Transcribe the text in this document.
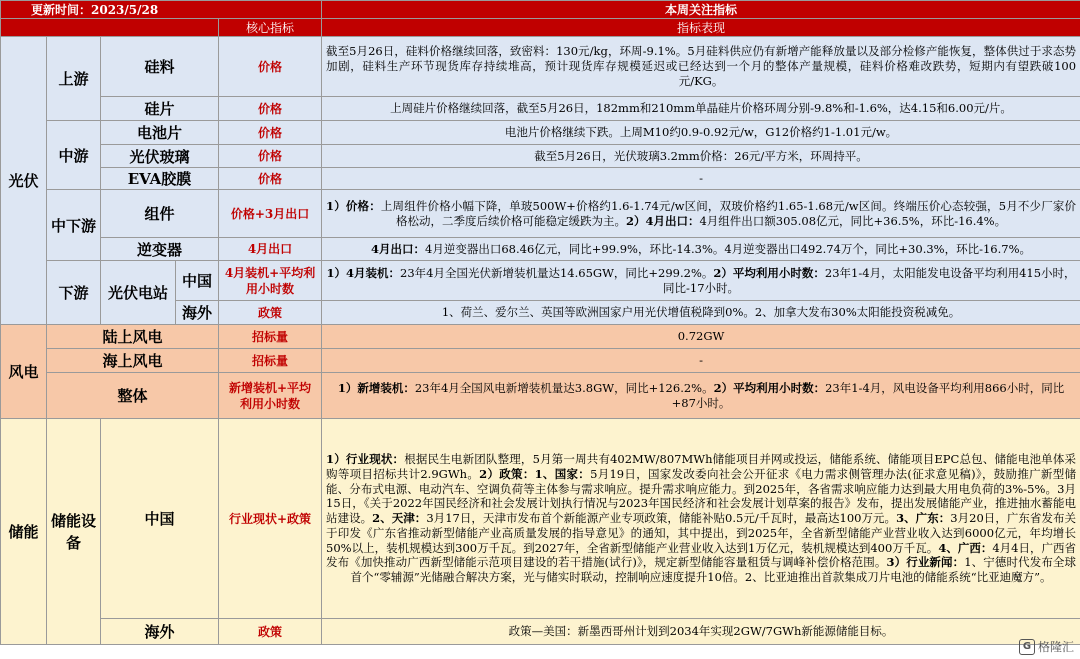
更新时间：2023/5/28					本周关注指标
				核心指标	指标表现
光伏	上游	硅料		价格	截至5月26日，硅料价格继续回落，致密料：130元/kg，环周-9.1%。5月硅料供应仍有新增产能释放量以及部分检修产能恢复，整体供过于求态势加剧，硅料生产环节现货库存持续堆高，预计现货库存规模延迟或已经达到一个月的整体产量规模，硅料价格难改跌势，短期内有望跌破100元/KG。
		硅片		价格	上周硅片价格继续回落，截至5月26日，182mm和210mm单晶硅片价格环周分别-9.8%和-1.6%，达4.15和6.00元/片。
	中游	电池片		价格	电池片价格继续下跌。上周M10约0.9-0.92元/w，G12价格约1-1.01元/w。
		光伏玻璃		价格	截至5月26日，光伏玻璃3.2mm价格：26元/平方米，环周持平。
		EVA胶膜		价格	-
	中下游	组件		价格+3月出口	1）价格：上周组件价格小幅下降，单玻500W+价格约1.6-1.74元/w区间，双玻价格约1.65-1.68元/w区间。终端压价心态较强，5月不少厂家价格松动，二季度后续价格可能稳定缓跌为主。2）4月出口：4月组件出口额305.08亿元，同比+36.5%，环比-16.4%。
		逆变器		4月出口	4月出口：4月逆变器出口68.46亿元，同比+99.9%，环比-14.3%。4月逆变器出口492.74万个，同比+30.3%，环比-16.7%。
	下游	光伏电站	中国	4月装机+平均利用小时数	1）4月装机：23年4月全国光伏新增装机量达14.65GW，同比+299.2%。2）平均利用小时数：23年1-4月，太阳能发电设备平均利用415小时，同比-17小时。
			海外	政策	1、荷兰、爱尔兰、英国等欧洲国家户用光伏增值税降到0%。2、加拿大发布30%太阳能投资税减免。
风电	陆上风电			招标量	0.72GW
	海上风电			招标量	-
	整体			新增装机+平均利用小时数	1）新增装机：23年4月全国风电新增装机量达3.8GW，同比+126.2%。2）平均利用小时数：23年1-4月，风电设备平均利用866小时，同比+87小时。
储能	储能设备	中国		行业现状+政策	1）行业现状：根据民生电新团队整理，5月第一周共有402MW/807MWh储能项目并网或投运，储能系统、储能项目EPC总包、储能电池单体采购等项目招标共计2.9GWh。2）政策：1、国家：5月19日，国家发改委向社会公开征求《电力需求侧管理办法(征求意见稿)》，鼓励推广新型储能、分布式电源、电动汽车、空调负荷等主体参与需求响应。提升需求响应能力。到2025年，各省需求响应能力达到最大用电负荷的3%-5%。3月15日，《关于2022年国民经济和社会发展计划执行情况与2023年国民经济和社会发展计划草案的报告》发布，提出发展储能产业，推进抽水蓄能电站建设。2、天津：3月17日，天津市发布首个新能源产业专项政策，储能补贴0.5元/千瓦时，最高达100万元。3、广东：3月20日，广东省发布关于印发《广东省推动新型储能产业高质量发展的指导意见》的通知，其中提出，到2025年，全省新型储能产业营业收入达到6000亿元，年均增长50%以上，装机规模达到300万千瓦。到2027年，全省新型储能产业营业收入达到1万亿元，装机规模达到400万千瓦。4、广西：4月4日，广西省发布《加快推动广西新型储能示范项目建设的若干措施(试行)》，规定新型储能容量租赁与调峰补偿价格范围。3）行业新闻：1、宁德时代发布全球首个“零辅源”光储融合解决方案，光与储实时联动，控制响应速度提升10倍。2、比亚迪推出首款集成刀片电池的储能系统“比亚迪魔方”。
		海外		政策	政策—美国：新墨西哥州计划到2034年实现2GW/7GWh新能源储能目标。
G 格隆汇
